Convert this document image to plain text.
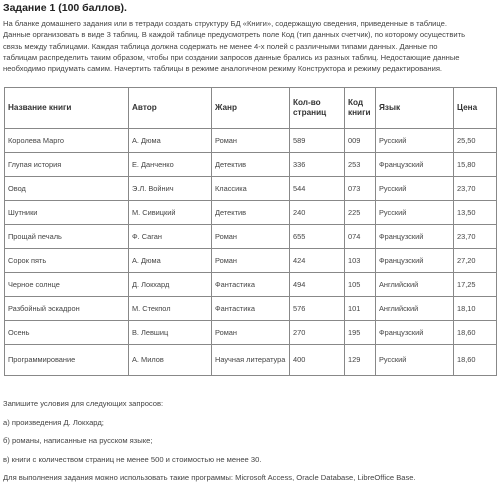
Задание 1 (100 баллов).

На бланке домашнего задания или в тетради создать структуру БД «Книги», содержащую сведения, приведенные в таблице.

Данные организовать в виде 3 таблиц. В каждой таблице предусмотреть поле Код (тип данных счетчик), по которому осуществить

связь между таблицами. Каждая таблица должна содержать не менее 4-х полей с различными типами данных. Данные по

таблицам распределить таким образом, чтобы при создании запросов данные брались из разных таблиц. Недостающие данные

необходимо придумать самим. Начертить таблицы в режиме аналогичном режиму Конструктора и режиму редактирования.

Название книги	Автор	Жанр	Кол-во страниц	Код книги	Язык	Цена
Королева Марго	А. Дюма	Роман	589	009	Русский	25,50
Глупая история	Е. Данченко	Детектив	336	253	Французский	15,80
Овод	Э.Л. Войнич	Классика	544	073	Русский	23,70
Шутники	М. Сивицкий	Детектив	240	225	Русский	13,50
Прощай печаль	Ф. Саган	Роман	655	074	Французский	23,70
Сорок пять	А. Дюма	Роман	424	103	Французский	27,20
Черное солнце	Д. Локхард	Фантастика	494	105	Английский	17,25
Разбойный эскадрон	М. Стекпол	Фантастика	576	101	Английский	18,10
Осень	В. Левшиц	Роман	270	195	Французский	18,60
Программирование	А. Милов	Научная литература	400	129	Русский	18,60

Запишите условия для следующих запросов:

а) произведения Д. Локхард;

б) романы, написанные на русском языке;

в) книги с количеством страниц не менее 500 и стоимостью не менее 30.

Для выполнения задания можно использовать такие программы: Microsoft Access, Oracle Database, LibreOffice Base.
